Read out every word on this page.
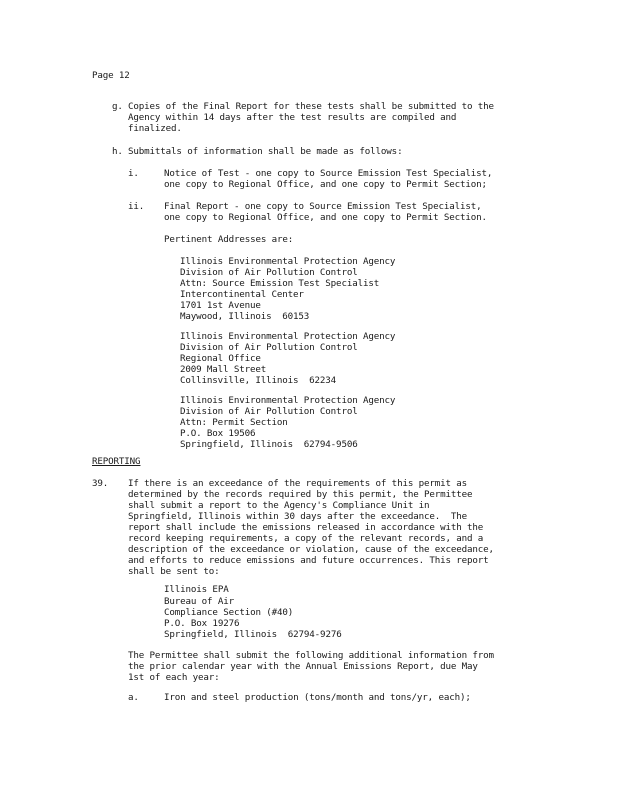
Page 12
g. Copies of the Final Report for these tests shall be submitted to the
Agency within 14 days after the test results are compiled and
finalized.
h. Submittals of information shall be made as follows:
i.	Notice of Test - one copy to Source Emission Test Specialist,
one copy to Regional Office, and one copy to Permit Section;
ii. Final Report - one copy to Source Emission Test Specialist,
one copy to Regional Office, and one copy to Permit Section.
Pertinent Addresses are:
Illinois Environmental Protection Agency
Division of Air Pollution Control
Attn: Source Emission Test Specialist
Intercontinental Center
1701 1st Avenue
Maywood, Illinois  60153
Illinois Environmental Protection Agency
Division of Air Pollution Control
Regional Office
2009 Mall Street
Collinsville, Illinois  62234
Illinois Environmental Protection Agency
Division of Air Pollution Control
Attn: Permit Section
P.O. Box 19506
Springfield, Illinois  62794-9506
REPORTING
39. If there is an exceedance of the requirements of this permit as
determined by the records required by this permit, the Permittee
shall submit a report to the Agency's Compliance Unit in
Springfield, Illinois within 30 days after the exceedance.  The
report shall include the emissions released in accordance with the
record keeping requirements, a copy of the relevant records, and a
description of the exceedance or violation, cause of the exceedance,
and efforts to reduce emissions and future occurrences. This report
shall be sent to:
Illinois EPA
Bureau of Air
Compliance Section (#40)
P.O. Box 19276
Springfield, Illinois  62794-9276
The Permittee shall submit the following additional information from
the prior calendar year with the Annual Emissions Report, due May
1st of each year:
a.	Iron and steel production (tons/month and tons/yr, each);
